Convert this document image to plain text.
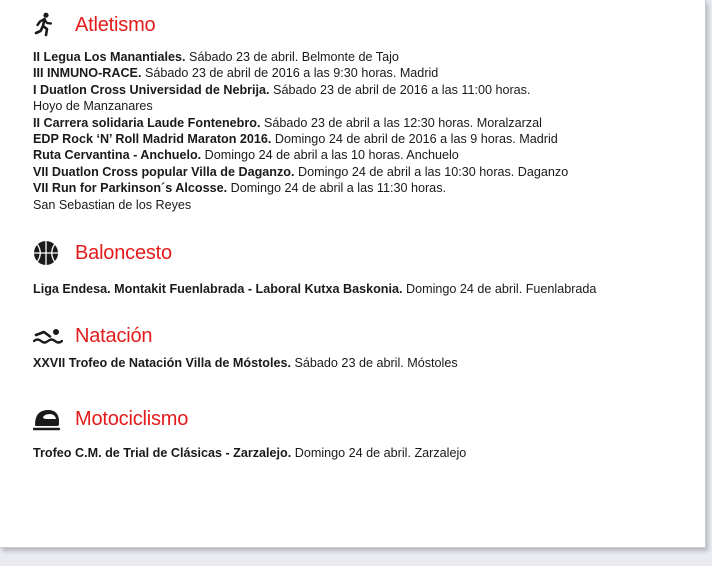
Atletismo
II Legua Los Manantiales. Sábado 23 de abril. Belmonte de Tajo
III INMUNO-RACE. Sábado 23 de abril de 2016 a las 9:30 horas. Madrid
I Duatlon Cross Universidad de Nebrija. Sábado 23 de abril de 2016 a las 11:00 horas.
Hoyo de Manzanares
II Carrera solidaria Laude Fontenebro. Sábado 23 de abril a las 12:30 horas. Moralzarzal
EDP Rock ‘N’ Roll Madrid Maraton 2016. Domingo 24 de abril de 2016 a las 9 horas. Madrid
Ruta Cervantina - Anchuelo. Domingo 24 de abril a las 10 horas. Anchuelo
VII Duatlon Cross popular Villa de Daganzo. Domingo 24 de abril a las 10:30 horas. Daganzo
VII Run for Parkinson´s Alcosse. Domingo 24 de abril a las 11:30 horas.
San Sebastian de los Reyes
Baloncesto
Liga Endesa. Montakit Fuenlabrada - Laboral Kutxa Baskonia. Domingo 24 de abril. Fuenlabrada
Natación
XXVII Trofeo de Natación Villa de Móstoles. Sábado 23 de abril. Móstoles
Motociclismo
Trofeo C.M. de Trial de Clásicas - Zarzalejo. Domingo 24 de abril. Zarzalejo
